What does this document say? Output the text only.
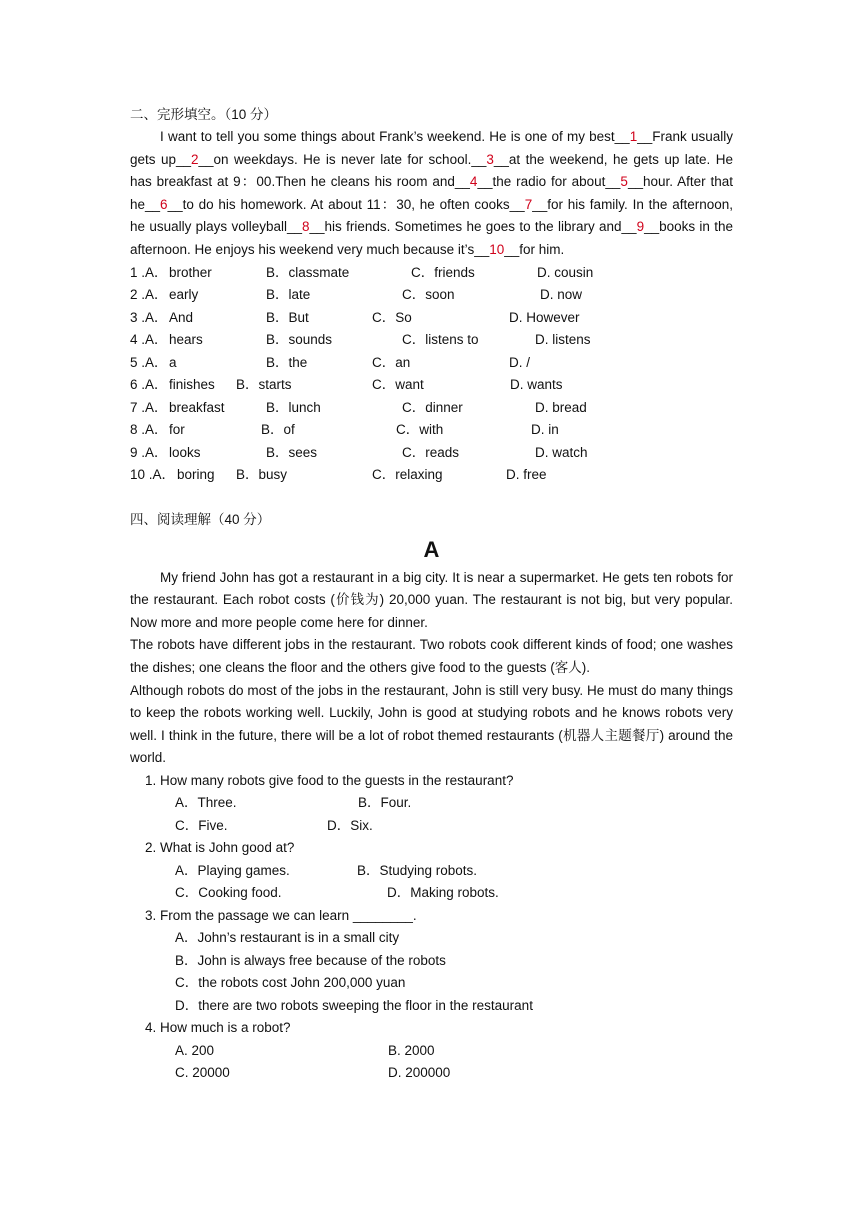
二、完形填空。（10 分）

I want to tell you some things about Frank’s weekend. He is one of my best__1__Frank usually gets up__2__on weekdays. He is never late for school.__3__at the weekend, he gets up late. He has breakfast at 9：00.Then he cleans his room and__4__the radio for about__5__hour. After that he__6__to do his homework. At about 11：30, he often cooks__7__for his family. In the afternoon, he usually plays volleyball__8__his friends. Sometimes he goes to the library and__9__books in the afternoon. He enjoys his weekend very much because it’s__10__for him.

1 .A． brother	B．classmate	C．friends	D. cousin
2 .A． early	B．late	C．soon	D. now
3 .A． And	B．But	C．So	D. However
4 .A． hears	B．sounds	C．listens to	D. listens
5 .A． a	B．the	C．an	D. /
6 .A． finishes B．starts	C．want	D. wants
7 .A． breakfast	B．lunch	C．dinner	D. bread
8 .A． for	B．of	C．with	D. in
9 .A． looks	B．sees	C．reads	D. watch
10 .A． boring B．busy	C．relaxing	D. free

四、阅读理解（40 分）

A

My friend John has got a restaurant in a big city. It is near a supermarket. He gets ten robots for the restaurant. Each robot costs (价钱为) 20,000 yuan. The restaurant is not big, but very popular. Now more and more people come here for dinner.

The robots have different jobs in the restaurant. Two robots cook different kinds of food; one washes the dishes; one cleans the floor and the others give food to the guests (客人).

Although robots do most of the jobs in the restaurant, John is still very busy. He must do many things to keep the robots working well. Luckily, John is good at studying robots and he knows robots very well. I think in the future, there will be a lot of robot themed restaurants (机器人主题餐厅) around the world.

1. How many robots give food to the guests in the restaurant?
A．Three.	B．Four.
C．Five.	D．Six.
2. What is John good at?
A．Playing games.	B．Studying robots.
C．Cooking food.	D．Making robots.
3. From the passage we can learn ________.
A．John’s restaurant is in a small city
B．John is always free because of the robots
C．the robots cost John 200,000 yuan
D．there are two robots sweeping the floor in the restaurant
4. How much is a robot?
A. 200	B. 2000
C. 20000	D. 200000
